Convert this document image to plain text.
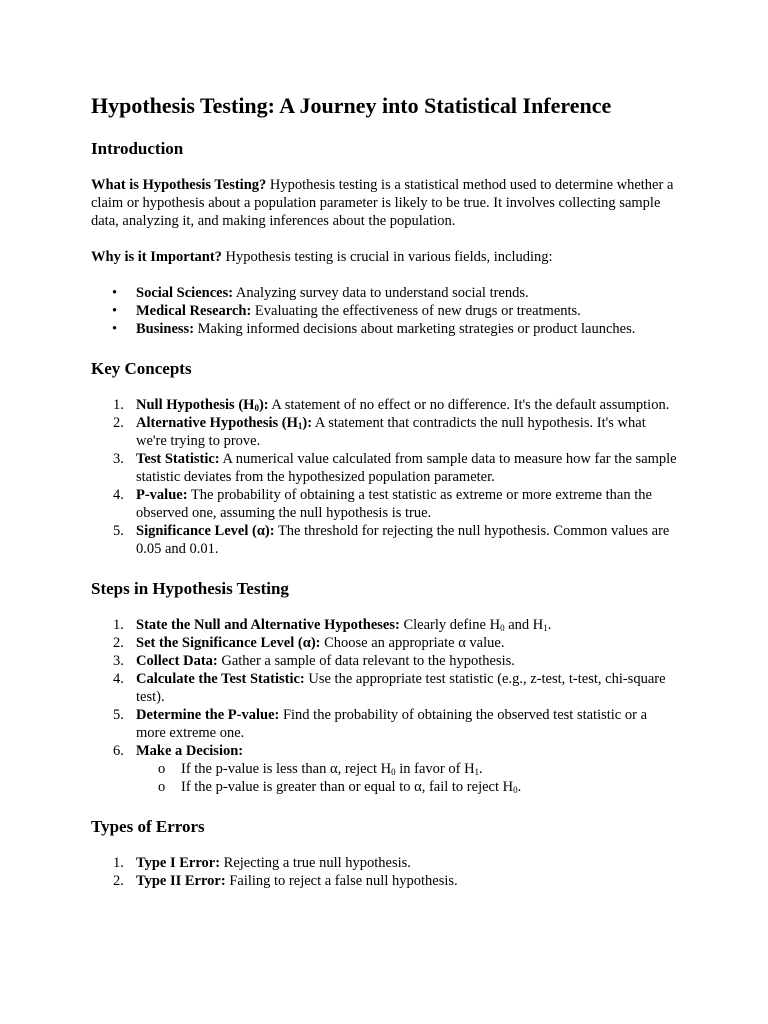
Hypothesis Testing: A Journey into Statistical Inference
Introduction

What is Hypothesis Testing? Hypothesis testing is a statistical method used to determine whether a claim or hypothesis about a population parameter is likely to be true. It involves collecting sample data, analyzing it, and making inferences about the population.

Why is it Important? Hypothesis testing is crucial in various fields, including:

• Social Sciences: Analyzing survey data to understand social trends.
• Medical Research: Evaluating the effectiveness of new drugs or treatments.
• Business: Making informed decisions about marketing strategies or product launches.
Key Concepts
1. Null Hypothesis $(H_0)$: A statement of no effect or no difference. It's the default assumption.
2. Alternative Hypothesis $(H_1)$: A statement that contradicts the null hypothesis. It's what we're trying to prove.
3. Test Statistic: A numerical value calculated from sample data to measure how far the sample statistic deviates from the hypothesized population parameter.
4. P-value: The probability of obtaining a test statistic as extreme or more extreme than the observed one, assuming the null hypothesis is true.
5. Significance Level (α): The threshold for rejecting the null hypothesis. Common values are 0.05 and 0.01.
Steps in Hypothesis Testing
1. State the Null and Alternative Hypotheses: Clearly define $H_0$ and $H_1$.
2. Set the Significance Level (α): Choose an appropriate α value.
3. Collect Data: Gather a sample of data relevant to the hypothesis.
4. Calculate the Test Statistic: Use the appropriate test statistic (e.g., z-test, t-test, chi-square test).
5. Determine the P-value: Find the probability of obtaining the observed test statistic or a more extreme one.
6. Make a Decision:
o If the p-value is less than α, reject $H_0$ in favor of $H_1$.
o If the p-value is greater than or equal to α, fail to reject $H_0$.
Types of Errors
1. Type I Error: Rejecting a true null hypothesis.
2. Type II Error: Failing to reject a false null hypothesis.
